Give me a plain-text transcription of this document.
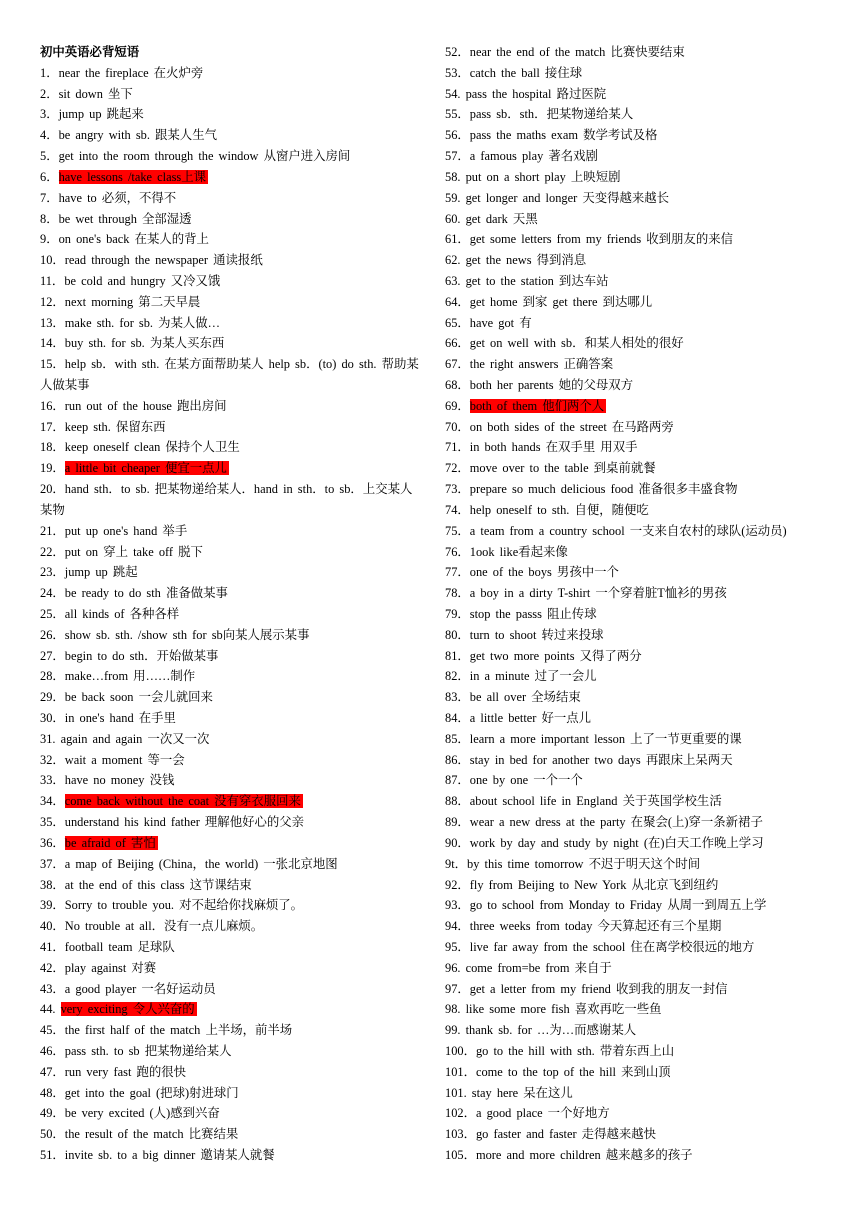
初中英语必背短语
1．near the fireplace 在火炉旁
2．sit down 坐下
3．jump up 跳起来
4．be angry with sb. 跟某人生气
5．get into the room through the window 从窗户进入房间
6．have lessons /take class上课
7．have to 必须，不得不
8．be wet through 全部湿透
9．on one's back 在某人的背上
10．read through the newspaper 通读报纸
11．be cold and hungry 又冷又饿
12．next morning 第二天早晨
13．make sth. for sb. 为某人做…
14．buy sth. for sb. 为某人买东西
15．help sb．with sth. 在某方面帮助某人 help sb．(to) do sth. 帮助某人做某事
16．run out of the house 跑出房间
17．keep sth. 保留东西
18．keep oneself clean 保持个人卫生
19．a little bit cheaper 便宜一点儿
20．hand sth．to sb. 把某物递给某人．hand in sth．to sb．上交某人某物
21．put up one's hand 举手
22．put on 穿上 take off 脱下
23．jump up 跳起
24．be ready to do sth 准备做某事
25．all kinds of 各种各样
26．show sb. sth. /show sth for sb向某人展示某事
27．begin to do sth．开始做某事
28．make…from 用……制作
29．be back soon 一会儿就回来
30．in one's hand 在手里
31. again and again 一次又一次
32．wait a moment 等一会
33．have no money 没钱
34．come back without the coat 没有穿衣服回来
35．understand his kind father 理解他好心的父亲
36．be afraid of 害怕
37．a map of Beijing (China，the world) 一张北京地图
38．at the end of this class 这节课结束
39．Sorry to trouble you. 对不起给你找麻烦了。
40．No trouble at all．没有一点儿麻烦。
41．football team 足球队
42．play against 对赛
43．a good player 一名好运动员
44. very exciting 令人兴奋的
45．the first half of the match 上半场，前半场
46．pass sth. to sb 把某物递给某人
47．run very fast 跑的很快
48．get into the goal (把球)射进球门
49．be very excited (人)感到兴奋
50．the result of the match 比赛结果
51．invite sb. to a big dinner 邀请某人就餐
52．near the end of the match 比赛快要结束
53．catch the ball 接住球
54. pass the hospital 路过医院
55．pass sb．sth．把某物递给某人
56．pass the maths exam 数学考试及格
57．a famous play 著名戏剧
58. put on a short play 上映短剧
59. get longer and longer 天变得越来越长
60. get dark 天黑
61．get some letters from my friends 收到朋友的来信
62. get the news 得到消息
63. get to the station 到达车站
64．get home 到家 get there 到达哪儿
65．have got 有
66．get on well with sb．和某人相处的很好
67．the right answers 正确答案
68．both her parents 她的父母双方
69．both of them 他们两个人
70．on both sides of the street 在马路两旁
71．in both hands 在双手里 用双手
72．move over to the table 到桌前就餐
73．prepare so much delicious food 准备很多丰盛食物
74．help oneself to sth. 自便，随便吃
75．a team from a country school 一支来自农村的球队(运动员)
76．1ook like看起来像
77．one of the boys 男孩中一个
78．a boy in a dirty T-shirt 一个穿着脏T恤衫的男孩
79．stop the passs 阻止传球
80．turn to shoot 转过来投球
81．get two more points 又得了两分
82．in a minute 过了一会儿
83．be all over 全场结束
84．a little better 好一点儿
85．learn a more important lesson 上了一节更重要的课
86．stay in bed for another two days 再跟床上呆两天
87．one by one 一个一个
88．about school life in England 关于英国学校生活
89．wear a new dress at the party 在聚会(上)穿一条新裙子
90．work by day and study by night (在)白天工作晚上学习
9t．by this time tomorrow 不迟于明天这个时间
92．fly from Beijing to New York 从北京飞到纽约
93．go to school from Monday to Friday 从周一到周五上学
94．three weeks from today 今天算起还有三个星期
95．live far away from the school 住在离学校很远的地方
96. come from=be from 来自于
97．get a letter from my friend 收到我的朋友一封信
98. like some more fish 喜欢再吃一些鱼
99. thank sb. for …为…而感谢某人
100．go to the hill with sth. 带着东西上山
101．come to the top of the hill 来到山顶
101. stay here 呆在这儿
102．a good place 一个好地方
103．go faster and faster 走得越来越快
105．more and more children 越来越多的孩子
